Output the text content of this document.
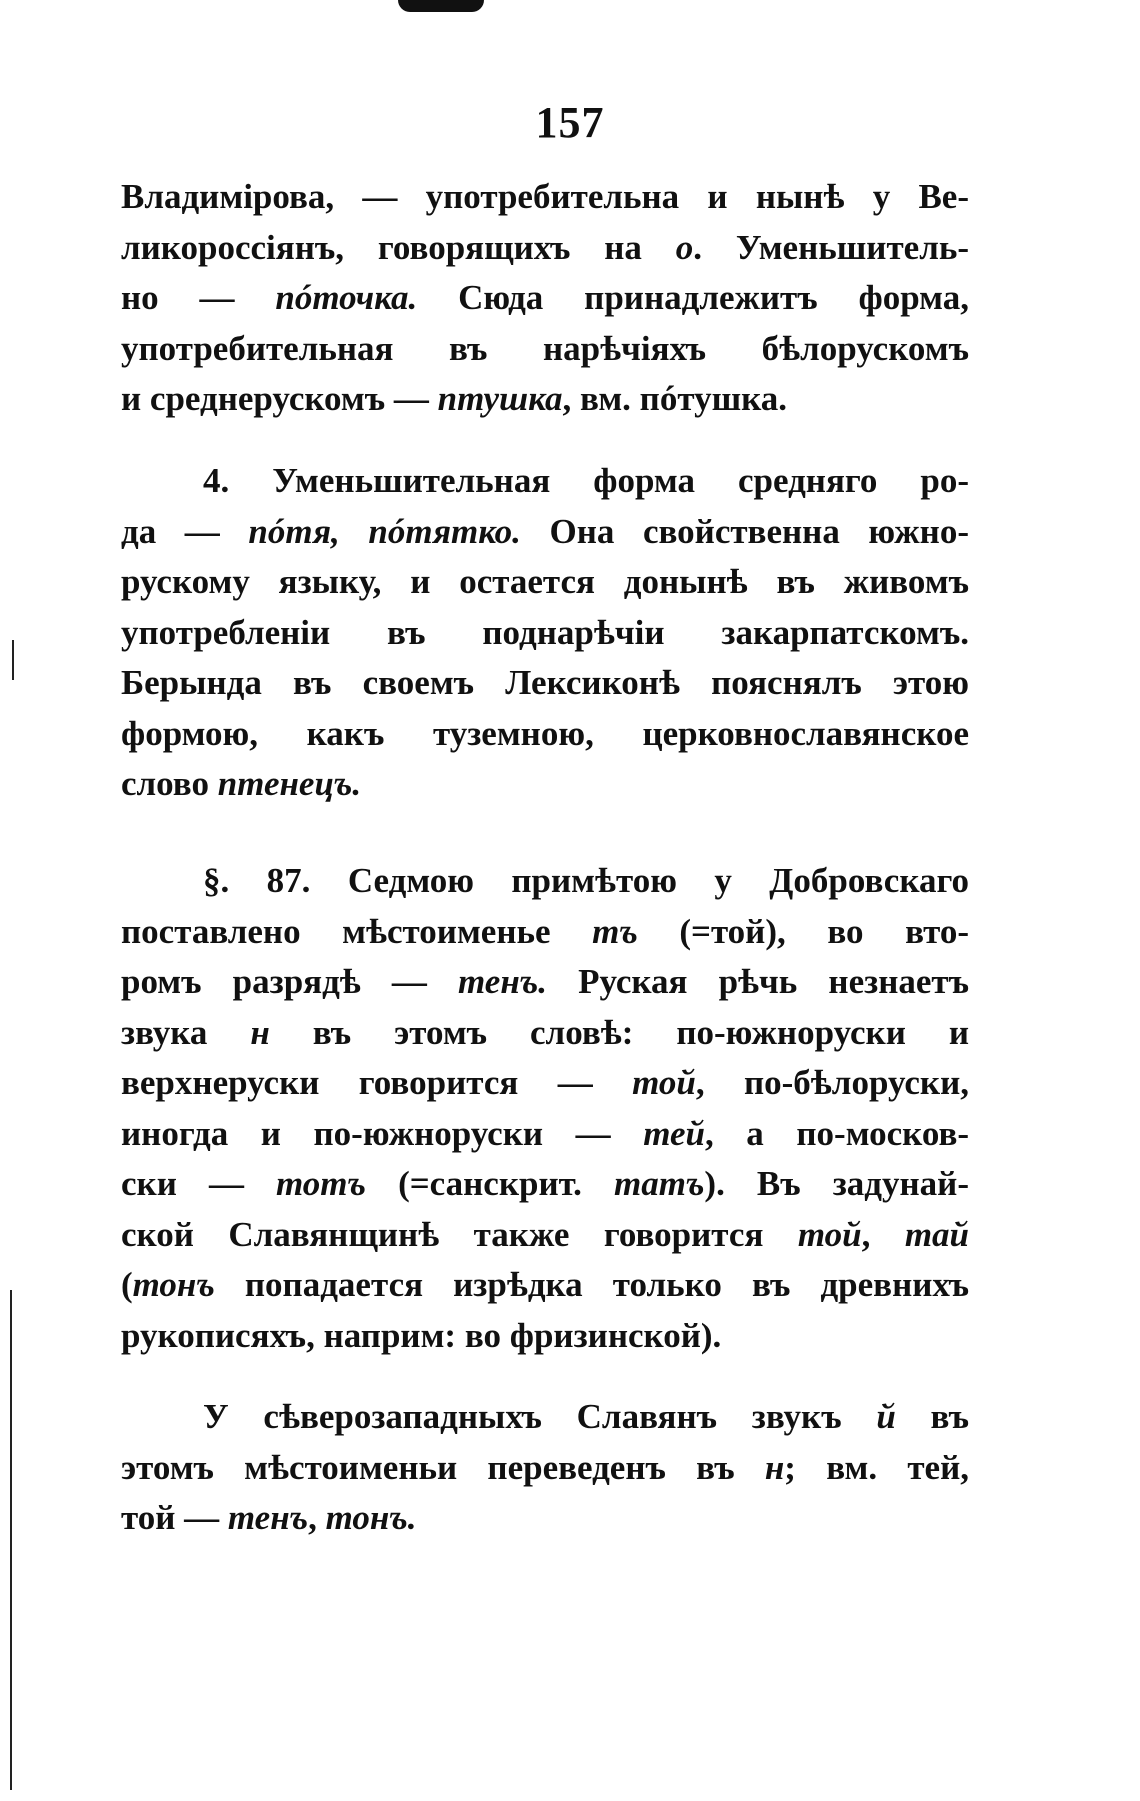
157
Владимірова, — употребительна и нынѣ у Ве-
ликороссіянъ, говорящихъ на o. Уменьшитель-
но — пóточка. Сюда принадлежитъ форма,
употребительная въ нарѣчіяхъ бѣлорускомъ
и среднерускомъ — птушка, вм. пóтушка.
4. Уменьшительная форма средняго ро-
да — пóтя, пóтятко. Она свойственна южно-
рускому языку, и остается донынѣ въ живомъ
употребленіи въ поднарѣчіи закарпатскомъ.
Берында въ своемъ Лексиконѣ пояснялъ этою
формою, какъ туземною, церковнославянское
слово птенецъ.
§. 87. Седмою примѣтою у Добровскаго
поставлено мѣстоименье тъ (=той), во вто-
ромъ разрядѣ — тенъ. Руская рѣчь незнаетъ
звука н въ этомъ словѣ: по-южноруски и
верхнеруски говорится — той, по-бѣлоруски,
иногда и по-южноруски — тей, а по-москов-
ски — тотъ (=санскрит. татъ). Въ задунай-
ской Славянщинѣ также говорится той, тай
(тонъ попадается изрѣдка только въ древнихъ
рукописяхъ, наприм: во фризинской).
У сѣверозападныхъ Славянъ звукъ й въ
этомъ мѣстоименьи переведенъ въ н; вм. тей,
той — тенъ, тонъ.
